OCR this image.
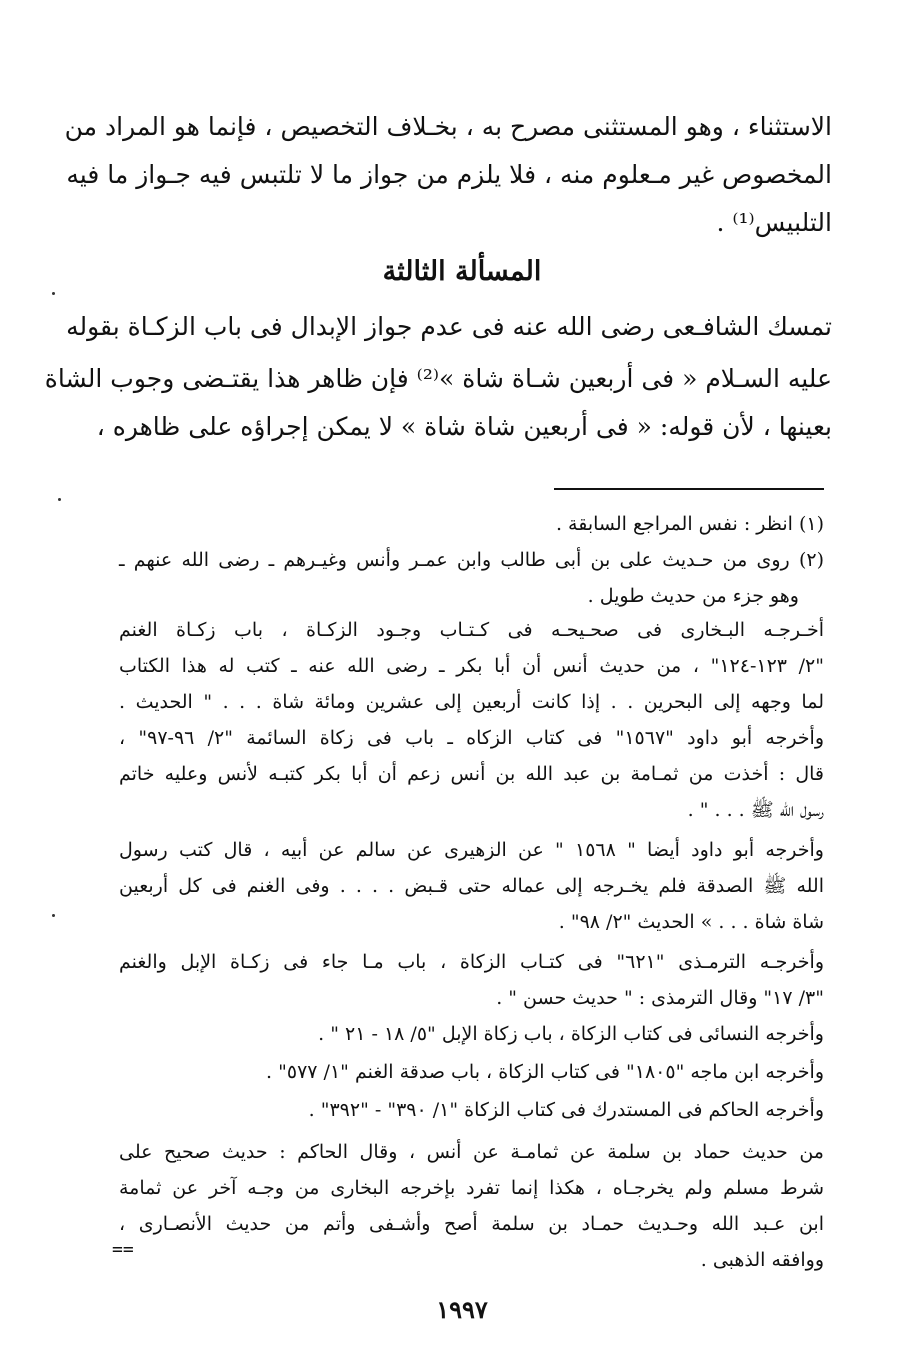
الاستثناء ، وهو المستثنى مصرح به ، بخـلاف التخصيص ، فإنما هو المراد من
المخصوص غير مـعلوم منه ، فلا يلزم من جواز ما لا تلتبس فيه جـواز ما فيه
التلبيس⁽¹⁾ .
المسألة الثالثة
تمسك الشافـعى رضى الله عنه فى عدم جواز الإبدال فى باب الزكـاة بقوله
عليه السـلام « فى أربعين شـاة شاة »⁽²⁾ فإن ظاهر هذا يقتـضى وجوب الشاة
بعينها ، لأن قوله: « فى أربعين شاة شاة » لا يمكن إجراؤه على ظاهره ،
(١) انظر : نفس المراجع السابقة .
(٢) روى من حـديث على بن أبى طالب وابن عمـر وأنس وغيـرهم ـ رضى الله عنهم ـ
وهو جزء من حديث طويل .
أخـرجـه البـخارى فى صحـيحـه فى كـتـاب وجـود الزكـاة ، باب زكـاة الغنم
"٢/ ١٢٣-١٢٤" ، من حديث أنس أن أبا بكر ـ رضى الله عنه ـ كتب له هذا الكتاب
لما وجهه إلى البحرين . . إذا كانت أربعين إلى عشرين ومائة شاة . . . " الحديث .
وأخرجه أبو داود "١٥٦٧" فى كتاب الزكاه ـ باب فى زكاة السائمة "٢/ ٩٦-٩٧" ،
قال : أخذت من ثمـامة بن عبد الله بن أنس زعم أن أبا بكر كتبـه لأنس وعليه خاتم
رسول الله ﷺ . . . " .
وأخرجه أبو داود أيضا " ١٥٦٨ " عن الزهيرى عن سالم عن أبيه ، قال كتب رسول
الله ﷺ الصدقة فلم يخـرجه إلى عماله حتى قـبض . . . . وفى الغنم فى كل أربعين
شاة شاة . . . » الحديث "٢/ ٩٨" .
وأخرجـه الترمـذى "٦٢١" فى كتـاب الزكاة ، باب مـا جاء فى زكـاة الإبل والغنم
"٣/ ١٧" وقال الترمذى : " حديث حسن " .
وأخرجه النسائى فى كتاب الزكاة ، باب زكاة الإبل "٥/ ١٨ - ٢١ " .
وأخرجه ابن ماجه "١٨٠٥" فى كتاب الزكاة ، باب صدقة الغنم "١/ ٥٧٧" .
وأخرجه الحاكم فى المستدرك فى كتاب الزكاة "١/ ٣٩٠" - "٣٩٢" .
من حديث حماد بن سلمة عن ثمامـة عن أنس ، وقال الحاكم : حديث صحيح على
شرط مسلم ولم يخرجـاه ، هكذا إنما تفرد بإخرجه البخارى من وجـه آخر عن ثمامة
ابن عـبد الله وحـديث حمـاد بن سلمة أصح وأشـفى وأتم من حديث الأنصـارى ،
ووافقه الذهبى .
==
١٩٩٧
